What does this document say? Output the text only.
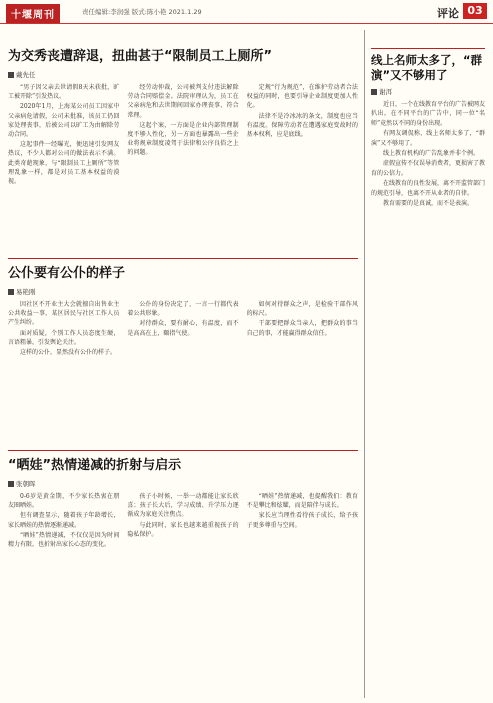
十堰周刊	责任编辑:李润强 版式:陈小艳 2021.1.29	评论 03
为交秀丧遭辞退，扭曲甚于“限制员工上厕所”
戴先任

“男子因父亲去世请假8天未获批，旷工被开除”引发热议。

2020年1月，上海某公司员工因家中父亲病危请假，公司未批准，该员工仍回家处理丧事，后被公司以旷工为由解除劳动合同。

这起事件一经曝光，便迅速引发网友热议，不少人都对公司的做法表示不满。此类奇葩现象，与“限制员工上厕所”等管理乱象一样，都是对员工基本权益的漠视。

经劳动仲裁，公司被判支付违法解除劳动合同赔偿金。法院审理认为，员工在父亲病危和去世期间回家办理丧事，符合常理。

这起个案，一方面是企业内部管理制度不够人性化，另一方面也暴露出一些企业将规章制度凌驾于法律和公序良俗之上的问题。

定规“行为规范”，在维护劳动者合法权益的同时，也要引导企业制度更加人性化。

法律不是冷冰冰的条文，制度也应当有温度。保障劳动者在遭遇家庭变故时的基本权利，应是底线。

公仆要有公仆的样子
易艳刚

因社区不开业主大会就擅自出售业主公共收益一事，某区居民与社区工作人员产生纠纷。

面对质疑，个别工作人员态度生硬，言语粗暴，引发舆论关注。

这样的公仆，显然没有公仆的样子。

公仆的身份决定了，一言一行都代表着公共形象。

对待群众，要有耐心，有温度，而不是高高在上，颐指气使。

如何对待群众之声，是检验干部作风的标尺。

干部要把群众当亲人，把群众的事当自己的事，才能赢得群众信任。

“晒娃”热情递减的折射与启示
张朝晖

0-6岁是黄金期，不少家长热衷在朋友圈晒娃。

但有调查显示，随着孩子年龄增长，家长晒娃的热情逐渐递减。

“晒娃”热情递减，不仅仅是因为时间精力有限，也折射出家长心态的变化。

孩子小时候，一举一动都能让家长欣喜；孩子长大后，学习成绩、升学压力逐渐成为家庭关注焦点。

与此同时，家长也越来越重视孩子的隐私保护。

“晒娃”热情递减，也提醒我们：教育不是攀比和炫耀，而是陪伴与成长。

家长应当理性看待孩子成长，给予孩子更多尊重与空间。

线上名师太多了，“群演”又不够用了
谢洱

近日，一个在线教育平台的广告被网友扒出，在不同平台的广告中，同一位“名师”竟然以不同的身份出现。

有网友调侃称，线上名师太多了，“群演”又不够用了。

线上教育机构的广告乱象并非个例。

虚假宣传不仅误导消费者，更损害了教育的公信力。

在线教育的良性发展，离不开监管部门的规范引导，也离不开从业者的自律。

教育需要的是真诚，而不是表演。
